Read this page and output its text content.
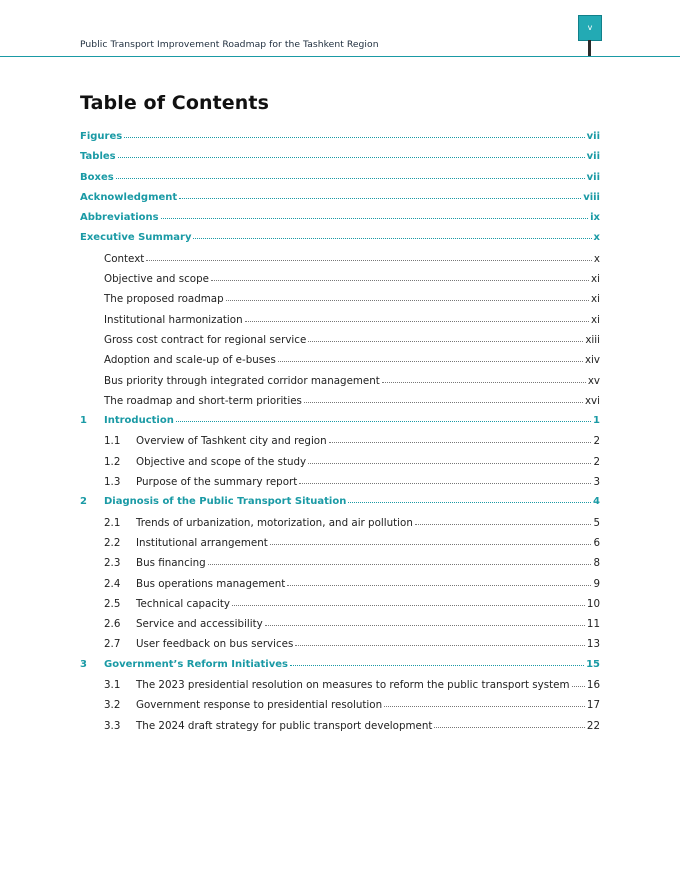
Public Transport Improvement Roadmap for the Tashkent Region
v
Table of Contents
Figures	vii
Tables	vii
Boxes	vii
Acknowledgment	viii
Abbreviations	ix
Executive Summary	x
Context	x
Objective and scope	xi
The proposed roadmap	xi
Institutional harmonization	xi
Gross cost contract for regional service	xiii
Adoption and scale-up of e-buses	xiv
Bus priority through integrated corridor management	xv
The roadmap and short-term priorities	xvi
1	Introduction	1
1.1	Overview of Tashkent city and region	2
1.2	Objective and scope of the study	2
1.3	Purpose of the summary report	3
2	Diagnosis of the Public Transport Situation	4
2.1	Trends of urbanization, motorization, and air pollution	5
2.2	Institutional arrangement	6
2.3	Bus financing	8
2.4	Bus operations management	9
2.5	Technical capacity	10
2.6	Service and accessibility	11
2.7	User feedback on bus services	13
3	Government’s Reform Initiatives	15
3.1	The 2023 presidential resolution on measures to reform the public transport system 16
3.2	Government response to presidential resolution	17
3.3	The 2024 draft strategy for public transport development	22
